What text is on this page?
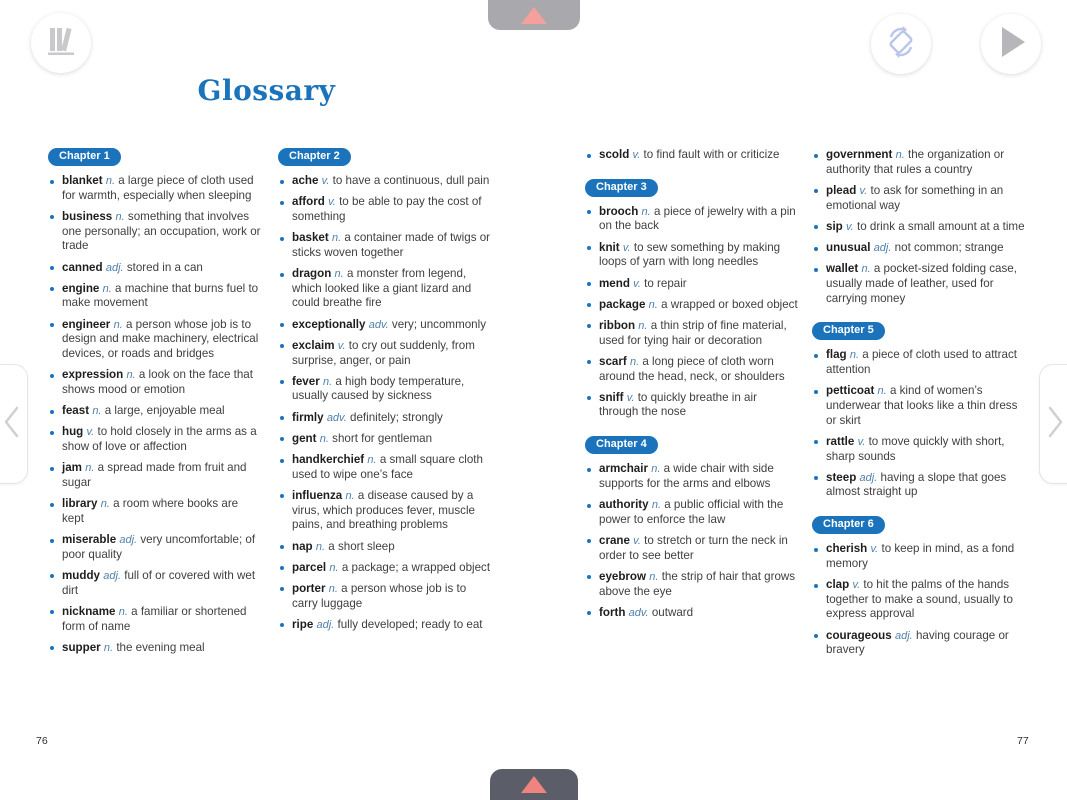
Glossary
Chapter 1
blanket n. a large piece of cloth used for warmth, especially when sleeping
business n. something that involves one personally; an occupation, work or trade
canned adj. stored in a can
engine n. a machine that burns fuel to make movement
engineer n. a person whose job is to design and make machinery, electrical devices, or roads and bridges
expression n. a look on the face that shows mood or emotion
feast n. a large, enjoyable meal
hug v. to hold closely in the arms as a show of love or affection
jam n. a spread made from fruit and sugar
library n. a room where books are kept
miserable adj. very uncomfortable; of poor quality
muddy adj. full of or covered with wet dirt
nickname n. a familiar or shortened form of name
supper n. the evening meal
Chapter 2
ache v. to have a continuous, dull pain
afford v. to be able to pay the cost of something
basket n. a container made of twigs or sticks woven together
dragon n. a monster from legend, which looked like a giant lizard and could breathe fire
exceptionally adv. very; uncommonly
exclaim v. to cry out suddenly, from surprise, anger, or pain
fever n. a high body temperature, usually caused by sickness
firmly adv. definitely; strongly
gent n. short for gentleman
handkerchief n. a small square cloth used to wipe one’s face
influenza n. a disease caused by a virus, which produces fever, muscle pains, and breathing problems
nap n. a short sleep
parcel n. a package; a wrapped object
porter n. a person whose job is to carry luggage
ripe adj. fully developed; ready to eat
scold v. to find fault with or criticize
Chapter 3
brooch n. a piece of jewelry with a pin on the back
knit v. to sew something by making loops of yarn with long needles
mend v. to repair
package n. a wrapped or boxed object
ribbon n. a thin strip of fine material, used for tying hair or decoration
scarf n. a long piece of cloth worn around the head, neck, or shoulders
sniff v. to quickly breathe in air through the nose
Chapter 4
armchair n. a wide chair with side supports for the arms and elbows
authority n. a public official with the power to enforce the law
crane v. to stretch or turn the neck in order to see better
eyebrow n. the strip of hair that grows above the eye
forth adv. outward
government n. the organization or authority that rules a country
plead v. to ask for something in an emotional way
sip v. to drink a small amount at a time
unusual adj. not common; strange
wallet n. a pocket-sized folding case, usually made of leather, used for carrying money
Chapter 5
flag n. a piece of cloth used to attract attention
petticoat n. a kind of women’s underwear that looks like a thin dress or skirt
rattle v. to move quickly with short, sharp sounds
steep adj. having a slope that goes almost straight up
Chapter 6
cherish v. to keep in mind, as a fond memory
clap v. to hit the palms of the hands together to make a sound, usually to express approval
courageous adj. having courage or bravery
76	77
